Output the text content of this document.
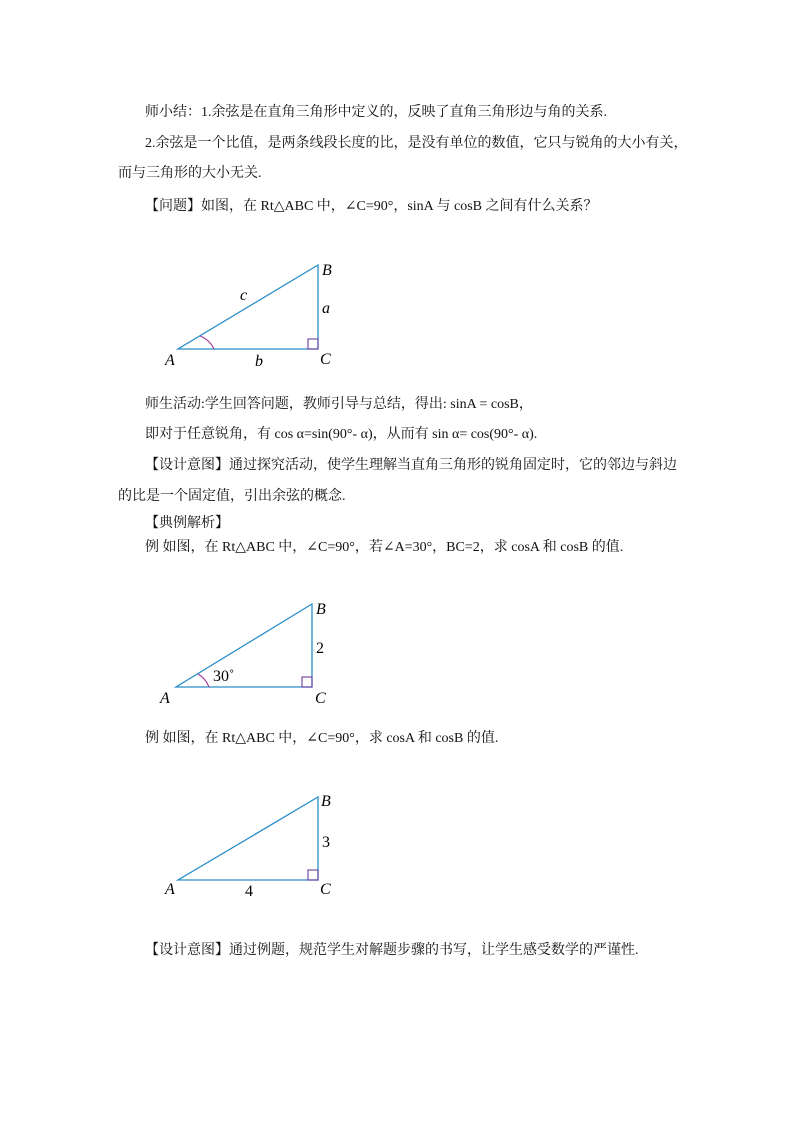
师小结：1.余弦是在直角三角形中定义的，反映了直角三角形边与角的关系.
2.余弦是一个比值，是两条线段长度的比，是没有单位的数值，它只与锐角的大小有关，
而与三角形的大小无关.
【问题】如图，在 Rt△ABC 中，∠C=90°，sinA 与 cosB 之间有什么关系？
A
B
C
a
b
c
师生活动:学生回答问题，教师引导与总结，得出: sinA = cosB，
即对于任意锐角，有 cos α=sin(90°- α)，从而有 sin α= cos(90°- α).
【设计意图】通过探究活动，使学生理解当直角三角形的锐角固定时，它的邻边与斜边
的比是一个固定值，引出余弦的概念.
【典例解析】
例 如图，在 Rt△ABC 中，∠C=90°，若∠A=30°，BC=2，求 cosA 和 cosB 的值.
A
B
C
2
30˚
例 如图，在 Rt△ABC 中，∠C=90°，求 cosA 和 cosB 的值.
A
B
C
3
4
【设计意图】通过例题，规范学生对解题步骤的书写，让学生感受数学的严谨性.
